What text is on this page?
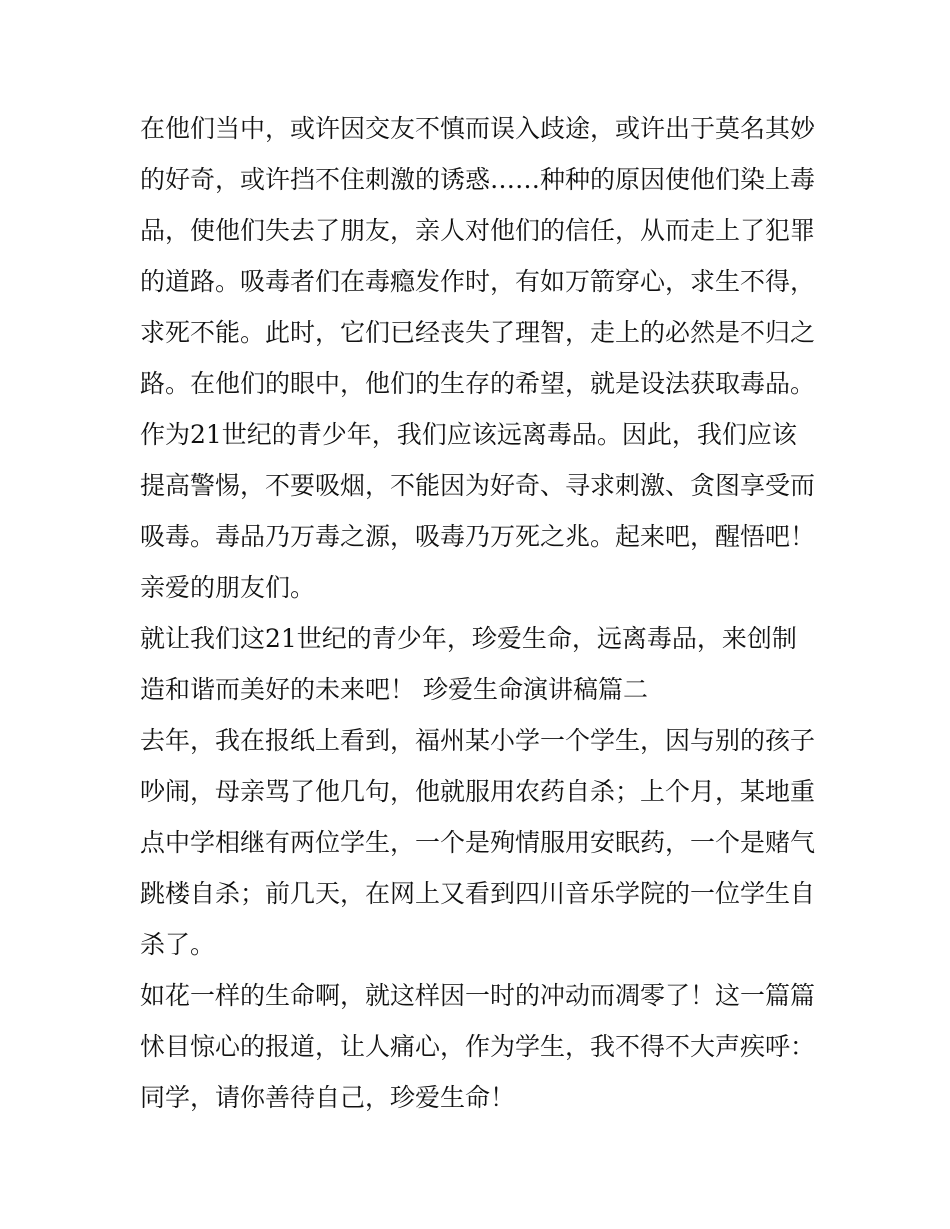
在他们当中，或许因交友不慎而误入歧途，或许出于莫名其妙
的好奇，或许挡不住刺激的诱惑……种种的原因使他们染上毒
品，使他们失去了朋友，亲人对他们的信任，从而走上了犯罪
的道路。吸毒者们在毒瘾发作时，有如万箭穿心，求生不得，
求死不能。此时，它们已经丧失了理智，走上的必然是不归之
路。在他们的眼中，他们的生存的希望，就是设法获取毒品。
作为21世纪的青少年，我们应该远离毒品。因此，我们应该
提高警惕，不要吸烟，不能因为好奇、寻求刺激、贪图享受而
吸毒。毒品乃万毒之源，吸毒乃万死之兆。起来吧，醒悟吧！
亲爱的朋友们。
就让我们这21世纪的青少年，珍爱生命，远离毒品，来创制
造和谐而美好的未来吧！ 珍爱生命演讲稿篇二
去年，我在报纸上看到，福州某小学一个学生，因与别的孩子
吵闹，母亲骂了他几句，他就服用农药自杀；上个月，某地重
点中学相继有两位学生，一个是殉情服用安眠药，一个是赌气
跳楼自杀；前几天，在网上又看到四川音乐学院的一位学生自
杀了。
如花一样的生命啊，就这样因一时的冲动而凋零了！这一篇篇
怵目惊心的报道，让人痛心，作为学生，我不得不大声疾呼：
同学，请你善待自己，珍爱生命！
